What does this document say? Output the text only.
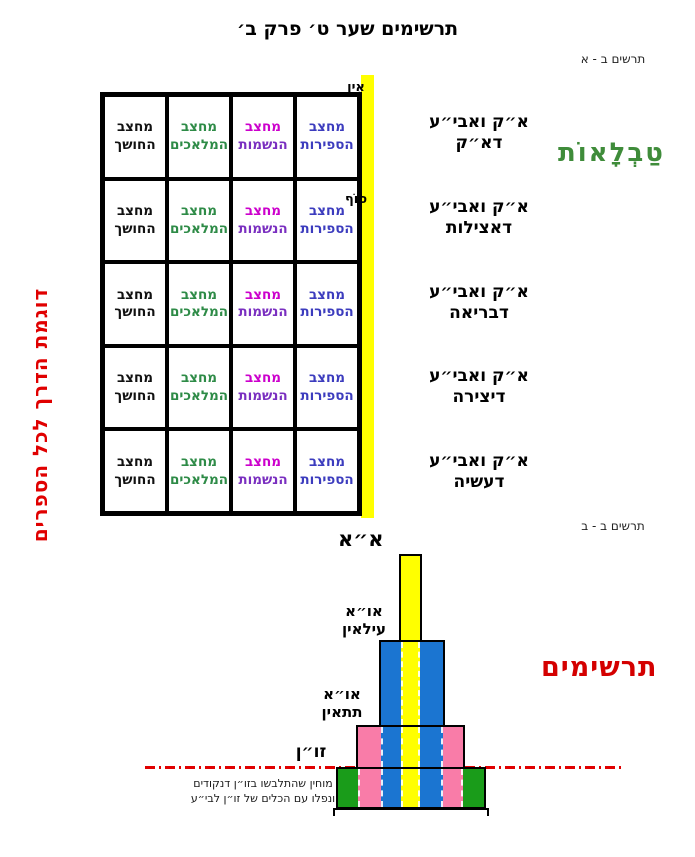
תרשימים שער ט׳ פרק ב׳
תרשים ב - א
אֵין
סוֹף
מחצב
הספירות
מחצב
הנשמות
מחצב
המלאכים
מחצב
החושך
מחצב
הספירות
מחצב
הנשמות
מחצב
המלאכים
מחצב
החושך
מחצב
הספירות
מחצב
הנשמות
מחצב
המלאכים
מחצב
החושך
מחצב
הספירות
מחצב
הנשמות
מחצב
המלאכים
מחצב
החושך
מחצב
הספירות
מחצב
הנשמות
מחצב
המלאכים
מחצב
החושך
א״ק ואבי״ע
דא״ק
א״ק ואבי״ע
דאצילות
א״ק ואבי״ע
דבריאה
א״ק ואבי״ע
דיצירה
א״ק ואבי״ע
דעשיה
טַבְלָאוֹת
דוגמת הדרך לכל הספרים	תרשים ב - ב
תרשימים
א״א
או״א
עילאין
או״א
תתאין
זו״ן
מוחין שהתלבשו בזו״ן דנקודים
ונפלו עם הכלים של זו״ן לבי״ע
